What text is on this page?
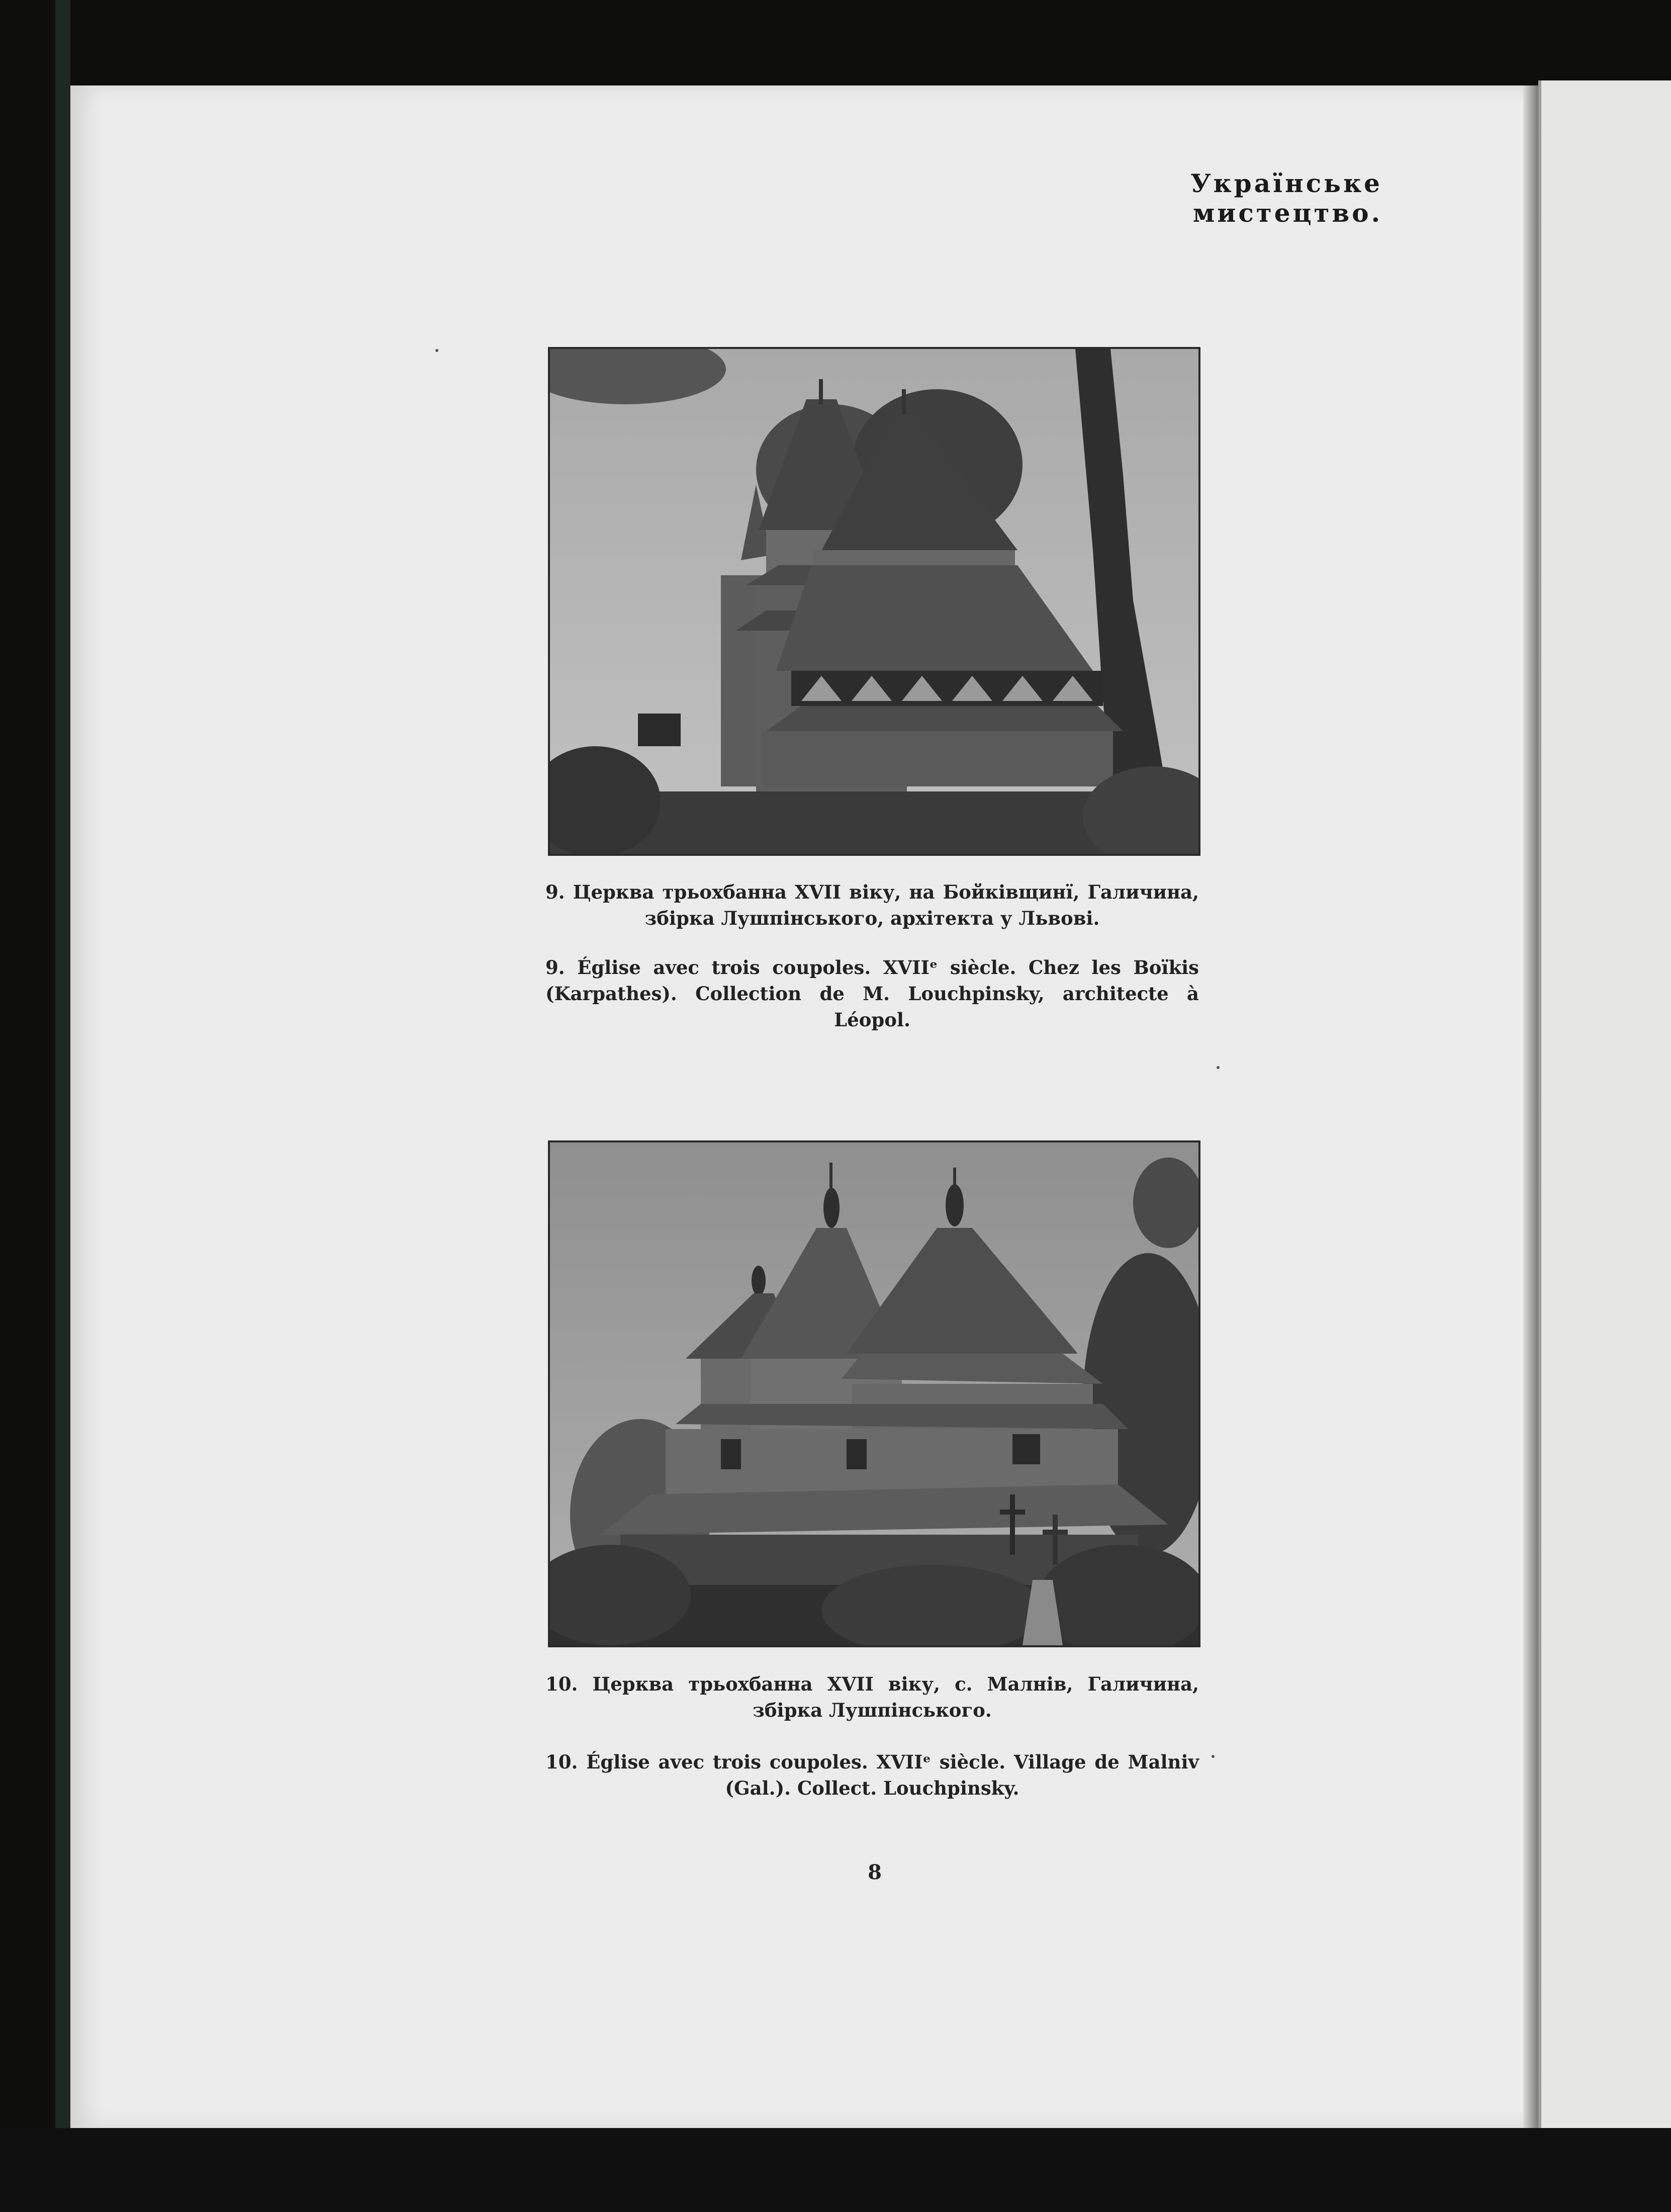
Українське мистецтво.
9. Церква трьохбанна XVII віку, на Бойківщинї, Галичина, збірка Лушпінського, архітекта у Львові.
9. Église avec trois coupoles. XVIIᵉ siècle. Chez les Boïkis (Karpathes). Collection de M. Louchpinsky, architecte à Léopol.
10. Церква трьохбанна XVII віку, с. Малнів, Галичина, збірка Лушпінського.
10. Église avec trois coupoles. XVIIᵉ siècle. Village de Malniv (Gal.). Collect. Louchpinsky.
8
